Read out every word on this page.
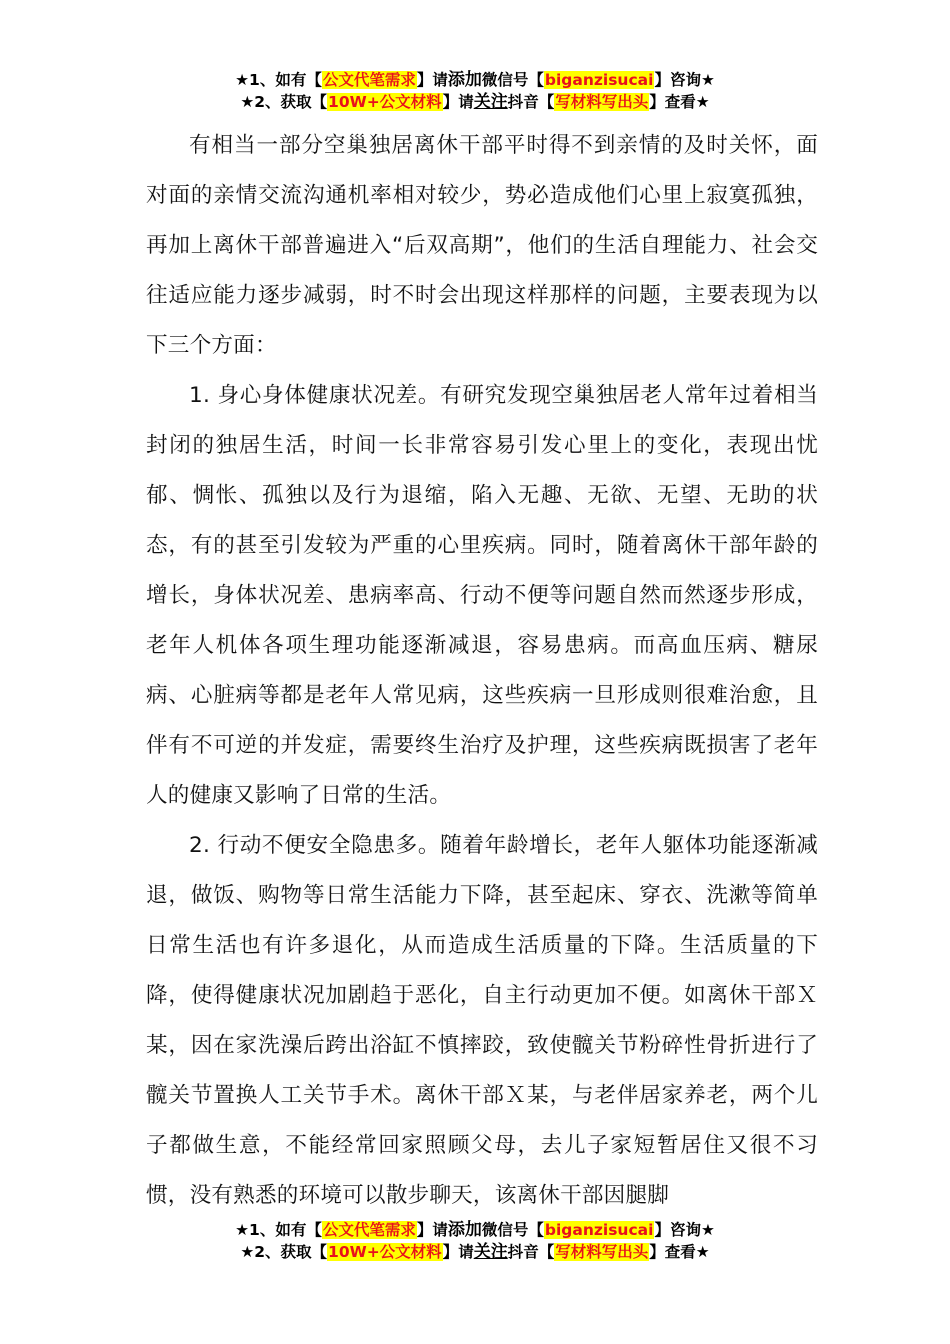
★1、如有【公文代笔需求】请添加微信号【biganzisucai】咨询★
★2、获取【10W+公文材料】请关注抖音【写材料写出头】查看★

有相当一部分空巢独居离休干部平时得不到亲情的及时关怀，面对面的亲情交流沟通机率相对较少，势必造成他们心里上寂寞孤独，再加上离休干部普遍进入“后双高期”，他们的生活自理能力、社会交往适应能力逐步减弱，时不时会出现这样那样的问题，主要表现为以下三个方面：

1. 身心身体健康状况差。有研究发现空巢独居老人常年过着相当封闭的独居生活，时间一长非常容易引发心里上的变化，表现出忧郁、惆怅、孤独以及行为退缩，陷入无趣、无欲、无望、无助的状态，有的甚至引发较为严重的心里疾病。同时，随着离休干部年龄的增长，身体状况差、患病率高、行动不便等问题自然而然逐步形成，老年人机体各项生理功能逐渐减退，容易患病。而高血压病、糖尿病、心脏病等都是老年人常见病，这些疾病一旦形成则很难治愈，且伴有不可逆的并发症，需要终生治疗及护理，这些疾病既损害了老年人的健康又影响了日常的生活。

2. 行动不便安全隐患多。随着年龄增长，老年人躯体功能逐渐减退，做饭、购物等日常生活能力下降，甚至起床、穿衣、洗漱等简单日常生活也有许多退化，从而造成生活质量的下降。生活质量的下降，使得健康状况加剧趋于恶化，自主行动更加不便。如离休干部Ｘ某，因在家洗澡后跨出浴缸不慎摔跤，致使髋关节粉碎性骨折进行了髋关节置换人工关节手术。离休干部Ｘ某，与老伴居家养老，两个儿子都做生意，不能经常回家照顾父母，去儿子家短暂居住又很不习惯，没有熟悉的环境可以散步聊天，该离休干部因腿脚

★1、如有【公文代笔需求】请添加微信号【biganzisucai】咨询★
★2、获取【10W+公文材料】请关注抖音【写材料写出头】查看★
